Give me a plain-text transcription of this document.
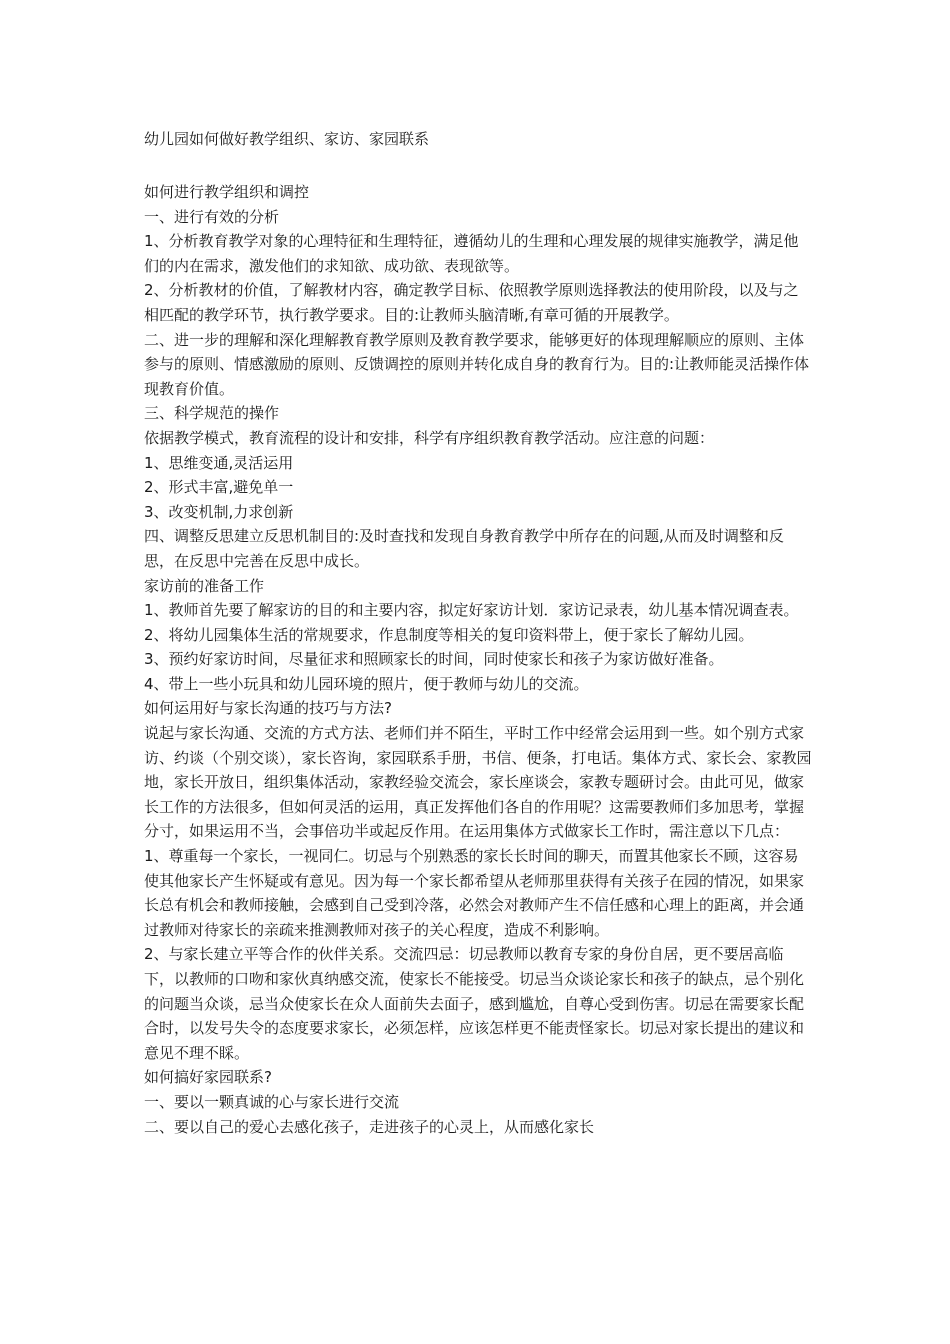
幼儿园如何做好教学组织、家访、家园联系

如何进行教学组织和调控

一、进行有效的分析

1、分析教育教学对象的心理特征和生理特征，遵循幼儿的生理和心理发展的规律实施教学，满足他们的内在需求，激发他们的求知欲、成功欲、表现欲等。

2、分析教材的价值，了解教材内容，确定教学目标、依照教学原则选择教法的使用阶段，以及与之相匹配的教学环节，执行教学要求。目的:让教师头脑清晰,有章可循的开展教学。

二、进一步的理解和深化理解教育教学原则及教育教学要求，能够更好的体现理解顺应的原则、主体参与的原则、情感激励的原则、反馈调控的原则并转化成自身的教育行为。目的:让教师能灵活操作体现教育价值。

三、科学规范的操作

依据教学模式，教育流程的设计和安排，科学有序组织教育教学活动。应注意的问题：

1、思维变通,灵活运用

2、形式丰富,避免单一

3、改变机制,力求创新

四、调整反思建立反思机制目的:及时查找和发现自身教育教学中所存在的问题,从而及时调整和反思，在反思中完善在反思中成长。

家访前的准备工作

1、教师首先要了解家访的目的和主要内容，拟定好家访计划．家访记录表，幼儿基本情况调查表。

2、将幼儿园集体生活的常规要求，作息制度等相关的复印资料带上，便于家长了解幼儿园。

3、预约好家访时间，尽量征求和照顾家长的时间，同时使家长和孩子为家访做好准备。

4、带上一些小玩具和幼儿园环境的照片，便于教师与幼儿的交流。

如何运用好与家长沟通的技巧与方法?

说起与家长沟通、交流的方式方法、老师们并不陌生，平时工作中经常会运用到一些。如个别方式家访、约谈（个别交谈），家长咨询，家园联系手册，书信、便条，打电话。集体方式、家长会、家教园地，家长开放日，组织集体活动，家教经验交流会，家长座谈会，家教专题研讨会。由此可见，做家长工作的方法很多，但如何灵活的运用，真正发挥他们各自的作用呢？这需要教师们多加思考，掌握分寸，如果运用不当，会事倍功半或起反作用。在运用集体方式做家长工作时，需注意以下几点：

1、尊重每一个家长，一视同仁。切忌与个别熟悉的家长长时间的聊天，而置其他家长不顾，这容易使其他家长产生怀疑或有意见。因为每一个家长都希望从老师那里获得有关孩子在园的情况，如果家长总有机会和教师接触，会感到自己受到冷落，必然会对教师产生不信任感和心理上的距离，并会通过教师对待家长的亲疏来推测教师对孩子的关心程度，造成不利影响。

2、与家长建立平等合作的伙伴关系。交流四忌：切忌教师以教育专家的身份自居，更不要居高临下，以教师的口吻和家伙真纳感交流，使家长不能接受。切忌当众谈论家长和孩子的缺点，忌个别化的问题当众谈，忌当众使家长在众人面前失去面子，感到尴尬，自尊心受到伤害。切忌在需要家长配合时，以发号失令的态度要求家长，必须怎样，应该怎样更不能责怪家长。切忌对家长提出的建议和意见不理不睬。

如何搞好家园联系?

一、要以一颗真诚的心与家长进行交流

二、要以自己的爱心去感化孩子，走进孩子的心灵上，从而感化家长
